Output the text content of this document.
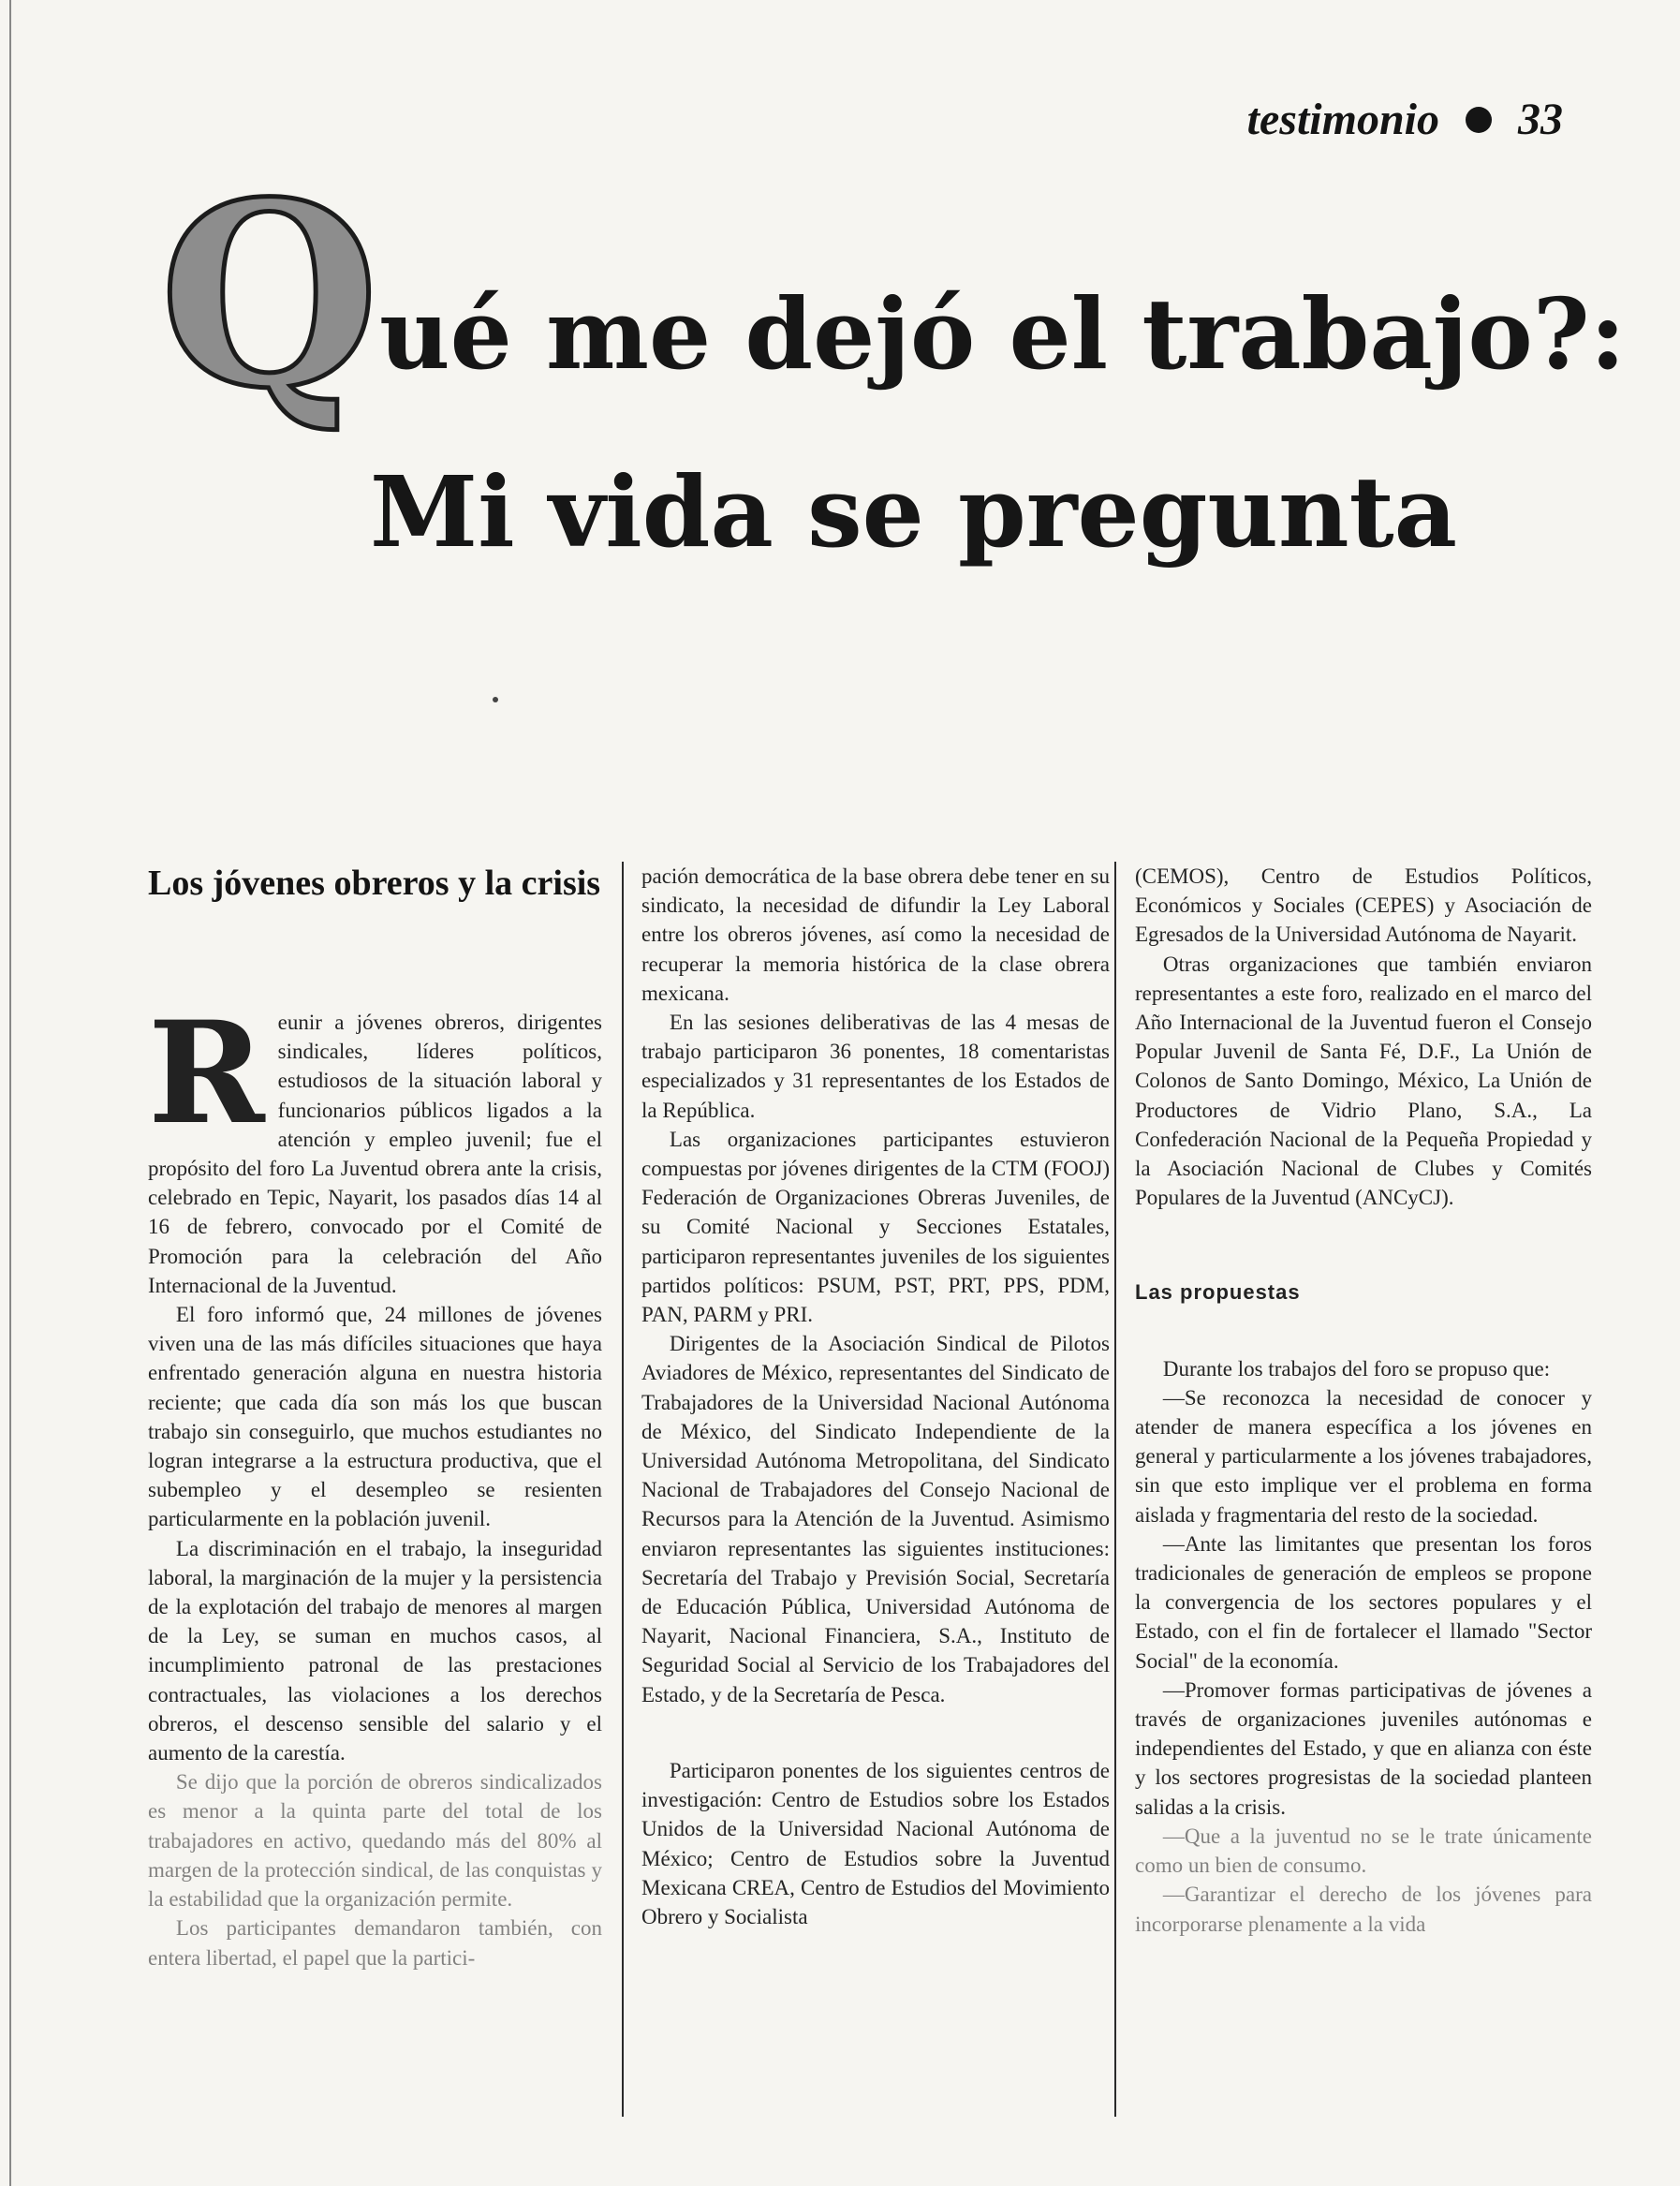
testimonio 33
Q ué me dejó el trabajo?:
Mi vida se pregunta
Los jóvenes obreros y la crisis

Reunir a jóvenes obreros, dirigentes sindicales, líderes políticos, estudiosos de la situación laboral y funcionarios públicos ligados a la atención y empleo juvenil; fue el propósito del foro La Juventud obrera ante la crisis, celebrado en Tepic, Nayarit, los pasados días 14 al 16 de febrero, convocado por el Comité de Promoción para la celebración del Año Internacional de la Juventud.

El foro informó que, 24 millones de jóvenes viven una de las más difíciles situaciones que haya enfrentado generación alguna en nuestra historia reciente; que cada día son más los que buscan trabajo sin conseguirlo, que muchos estudiantes no logran integrarse a la estructura productiva, que el subempleo y el desempleo se resienten particularmente en la población juvenil.

La discriminación en el trabajo, la inseguridad laboral, la marginación de la mujer y la persistencia de la explotación del trabajo de menores al margen de la Ley, se suman en muchos casos, al incumplimiento patronal de las prestaciones contractuales, las violaciones a los derechos obreros, el descenso sensible del salario y el aumento de la carestía.

Se dijo que la porción de obreros sindicalizados es menor a la quinta parte del total de los trabajadores en activo, quedando más del 80% al margen de la protección sindical, de las conquistas y la estabilidad que la organización permite.

Los participantes demandaron también, con entera libertad, el papel que la partici-

pación democrática de la base obrera debe tener en su sindicato, la necesidad de difundir la Ley Laboral entre los obreros jóvenes, así como la necesidad de recuperar la memoria histórica de la clase obrera mexicana.

En las sesiones deliberativas de las 4 mesas de trabajo participaron 36 ponentes, 18 comentaristas especializados y 31 representantes de los Estados de la República.

Las organizaciones participantes estuvieron compuestas por jóvenes dirigentes de la CTM (FOOJ) Federación de Organizaciones Obreras Juveniles, de su Comité Nacional y Secciones Estatales, participaron representantes juveniles de los siguientes partidos políticos: PSUM, PST, PRT, PPS, PDM, PAN, PARM y PRI.

Dirigentes de la Asociación Sindical de Pilotos Aviadores de México, representantes del Sindicato de Trabajadores de la Universidad Nacional Autónoma de México, del Sindicato Independiente de la Universidad Autónoma Metropolitana, del Sindicato Nacional de Trabajadores del Consejo Nacional de Recursos para la Atención de la Juventud. Asimismo enviaron representantes las siguientes instituciones: Secretaría del Trabajo y Previsión Social, Secretaría de Educación Pública, Universidad Autónoma de Nayarit, Nacional Financiera, S.A., Instituto de Seguridad Social al Servicio de los Trabajadores del Estado, y de la Secretaría de Pesca.

Participaron ponentes de los siguientes centros de investigación: Centro de Estudios sobre los Estados Unidos de la Universidad Nacional Autónoma de México; Centro de Estudios sobre la Juventud Mexicana CREA, Centro de Estudios del Movimiento Obrero y Socialista

(CEMOS), Centro de Estudios Políticos, Económicos y Sociales (CEPES) y Asociación de Egresados de la Universidad Autónoma de Nayarit.

Otras organizaciones que también enviaron representantes a este foro, realizado en el marco del Año Internacional de la Juventud fueron el Consejo Popular Juvenil de Santa Fé, D.F., La Unión de Colonos de Santo Domingo, México, La Unión de Productores de Vidrio Plano, S.A., La Confederación Nacional de la Pequeña Propiedad y la Asociación Nacional de Clubes y Comités Populares de la Juventud (ANCyCJ).

Las propuestas

Durante los trabajos del foro se propuso que:

—Se reconozca la necesidad de conocer y atender de manera específica a los jóvenes en general y particularmente a los jóvenes trabajadores, sin que esto implique ver el problema en forma aislada y fragmentaria del resto de la sociedad.

—Ante las limitantes que presentan los foros tradicionales de generación de empleos se propone la convergencia de los sectores populares y el Estado, con el fin de fortalecer el llamado "Sector Social" de la economía.

—Promover formas participativas de jóvenes a través de organizaciones juveniles autónomas e independientes del Estado, y que en alianza con éste y los sectores progresistas de la sociedad planteen salidas a la crisis.

—Que a la juventud no se le trate únicamente como un bien de consumo.

—Garantizar el derecho de los jóvenes para incorporarse plenamente a la vida
